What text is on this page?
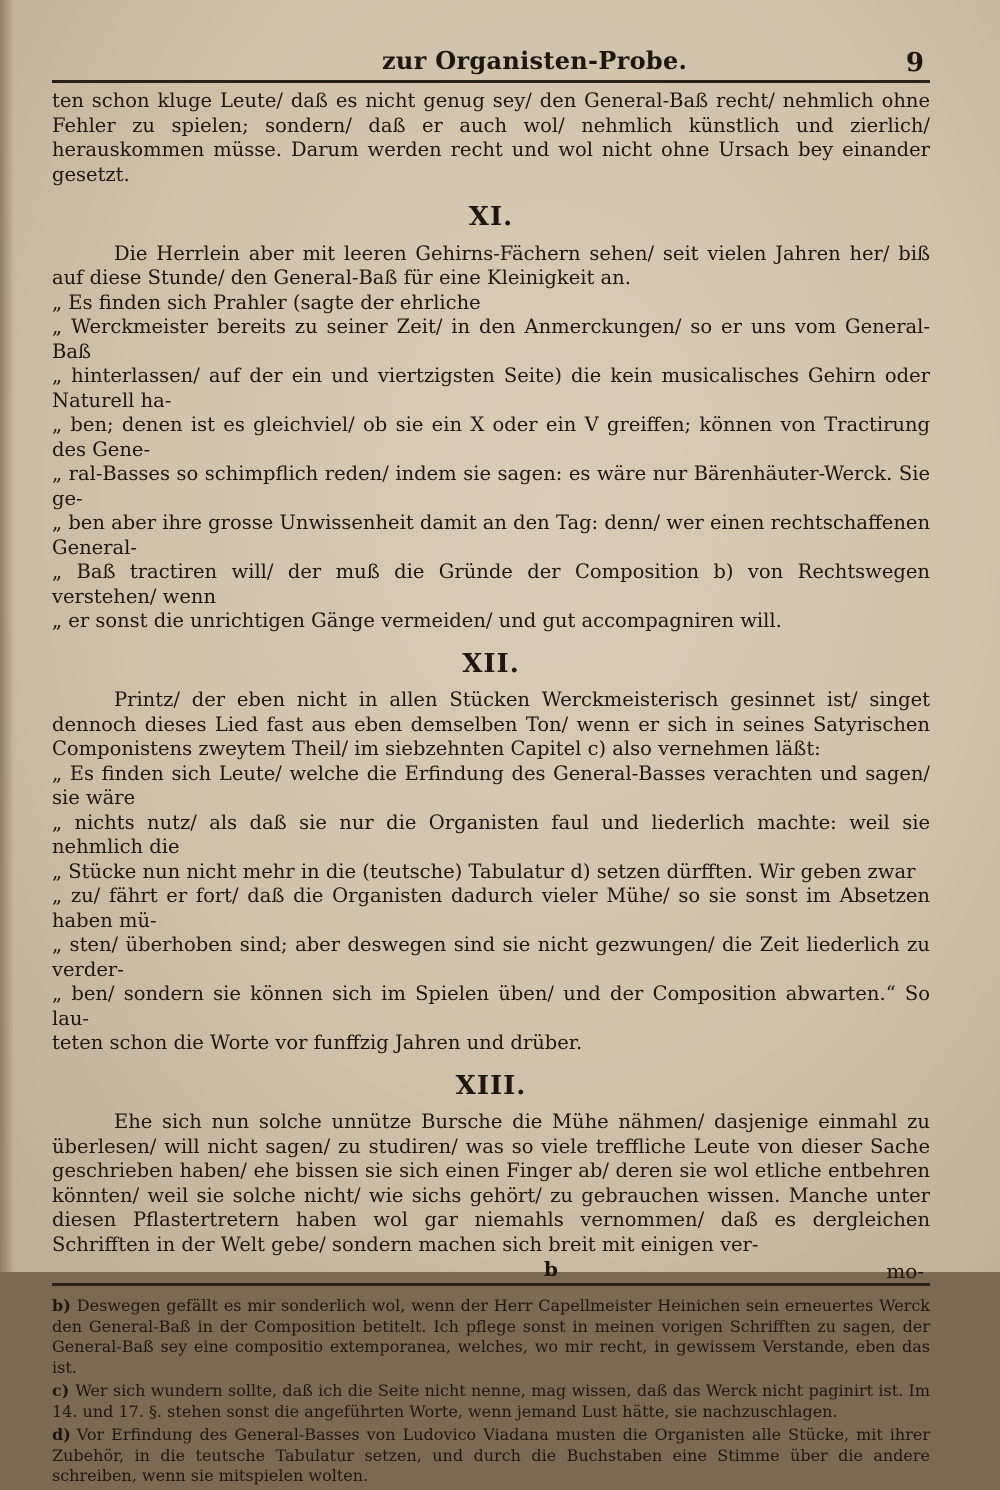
zur Organisten-Probe.	9

ten schon kluge Leute/ daß es nicht genug sey/ den General-Baß recht/ nehmlich ohne Fehler zu spielen; sondern/ daß er auch wol/ nehmlich künstlich und zierlich/ herauskommen müsse. Darum werden recht und wol nicht ohne Ursach bey einander gesetzt.

XI.

Die Herrlein aber mit leeren Gehirns-Fächern sehen/ seit vielen Jahren her/ biß auf diese Stunde/ den General-Baß für eine Kleinigkeit an.

„ Es finden sich Prahler (sagte der ehrliche

„ Werckmeister bereits zu seiner Zeit/ in den Anmerckungen/ so er uns vom General-Baß

„ hinterlassen/ auf der ein und viertzigsten Seite) die kein musicalisches Gehirn oder Naturell ha-

„ ben; denen ist es gleichviel/ ob sie ein X oder ein V greiffen; können von Tractirung des Gene-

„ ral-Basses so schimpflich reden/ indem sie sagen: es wäre nur Bärenhäuter-Werck. Sie ge-

„ ben aber ihre grosse Unwissenheit damit an den Tag: denn/ wer einen rechtschaffenen General-

„ Baß tractiren will/ der muß die Gründe der Composition b) von Rechtswegen verstehen/ wenn

„ er sonst die unrichtigen Gänge vermeiden/ und gut accompagniren will.

XII.

Printz/ der eben nicht in allen Stücken Werckmeisterisch gesinnet ist/ singet dennoch dieses Lied fast aus eben demselben Ton/ wenn er sich in seines Satyrischen Componistens zweytem Theil/ im siebzehnten Capitel c) also vernehmen läßt:

„ Es finden sich Leute/ welche die Erfindung des General-Basses verachten und sagen/ sie wäre

„ nichts nutz/ als daß sie nur die Organisten faul und liederlich machte: weil sie nehmlich die

„ Stücke nun nicht mehr in die (teutsche) Tabulatur d) setzen dürfften. Wir geben zwar

„ zu/ fährt er fort/ daß die Organisten dadurch vieler Mühe/ so sie sonst im Absetzen haben mü-

„ sten/ überhoben sind; aber deswegen sind sie nicht gezwungen/ die Zeit liederlich zu verder-

„ ben/ sondern sie können sich im Spielen üben/ und der Composition abwarten.“ So lau-

teten schon die Worte vor funffzig Jahren und drüber.

XIII.

Ehe sich nun solche unnütze Bursche die Mühe nähmen/ dasjenige einmahl zu überlesen/ will nicht sagen/ zu studiren/ was so viele treffliche Leute von dieser Sache geschrieben haben/ ehe bissen sie sich einen Finger ab/ deren sie wol etliche entbehren könnten/ weil sie solche nicht/ wie sichs gehört/ zu gebrauchen wissen. Manche unter diesen Pflastertretern haben wol gar niemahls vernommen/ daß es dergleichen Schrifften in der Welt gebe/ sondern machen sich breit mit einigen ver-

b	mo-

b) Deswegen gefällt es mir sonderlich wol, wenn der Herr Capellmeister Heinichen sein erneuertes Werck den General-Baß in der Composition betitelt. Ich pflege sonst in meinen vorigen Schrifften zu sagen, der General-Baß sey eine compositio extemporanea, welches, wo mir recht, in gewissem Verstande, eben das ist.

c) Wer sich wundern sollte, daß ich die Seite nicht nenne, mag wissen, daß das Werck nicht paginirt ist. Im 14. und 17. §. stehen sonst die angeführten Worte, wenn jemand Lust hätte, sie nachzuschlagen.

d) Vor Erfindung des General-Basses von Ludovico Viadana musten die Organisten alle Stücke, mit ihrer Zubehör, in die teutsche Tabulatur setzen, und durch die Buchstaben eine Stimme über die andere schreiben, wenn sie mitspielen wolten.
